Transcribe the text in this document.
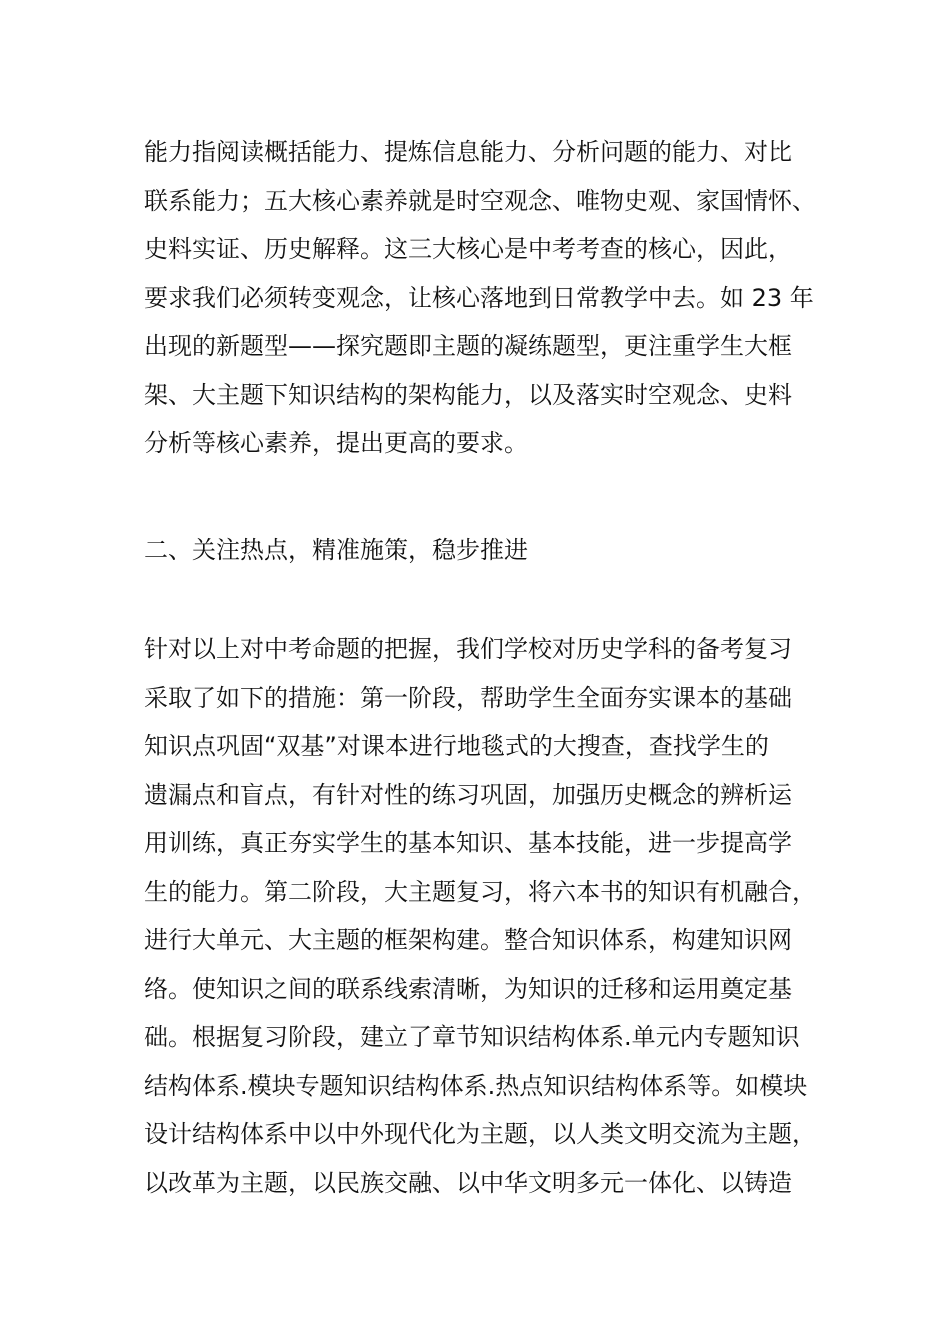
能力指阅读概括能力、提炼信息能力、分析问题的能力、对比
联系能力；五大核心素养就是时空观念、唯物史观、家国情怀、
史料实证、历史解释。这三大核心是中考考查的核心，因此，
要求我们必须转变观念，让核心落地到日常教学中去。如 23 年
出现的新题型——探究题即主题的凝练题型，更注重学生大框
架、大主题下知识结构的架构能力，以及落实时空观念、史料
分析等核心素养，提出更高的要求。
二、关注热点，精准施策，稳步推进
针对以上对中考命题的把握，我们学校对历史学科的备考复习
采取了如下的措施：第一阶段，帮助学生全面夯实课本的基础
知识点巩固“双基”对课本进行地毯式的大搜查，查找学生的
遗漏点和盲点，有针对性的练习巩固，加强历史概念的辨析运
用训练，真正夯实学生的基本知识、基本技能，进一步提高学
生的能力。第二阶段，大主题复习，将六本书的知识有机融合，
进行大单元、大主题的框架构建。整合知识体系，构建知识网
络。使知识之间的联系线索清晰，为知识的迁移和运用奠定基
础。根据复习阶段，建立了章节知识结构体系.单元内专题知识
结构体系.模块专题知识结构体系.热点知识结构体系等。如模块
设计结构体系中以中外现代化为主题，以人类文明交流为主题，
以改革为主题，以民族交融、以中华文明多元一体化、以铸造
